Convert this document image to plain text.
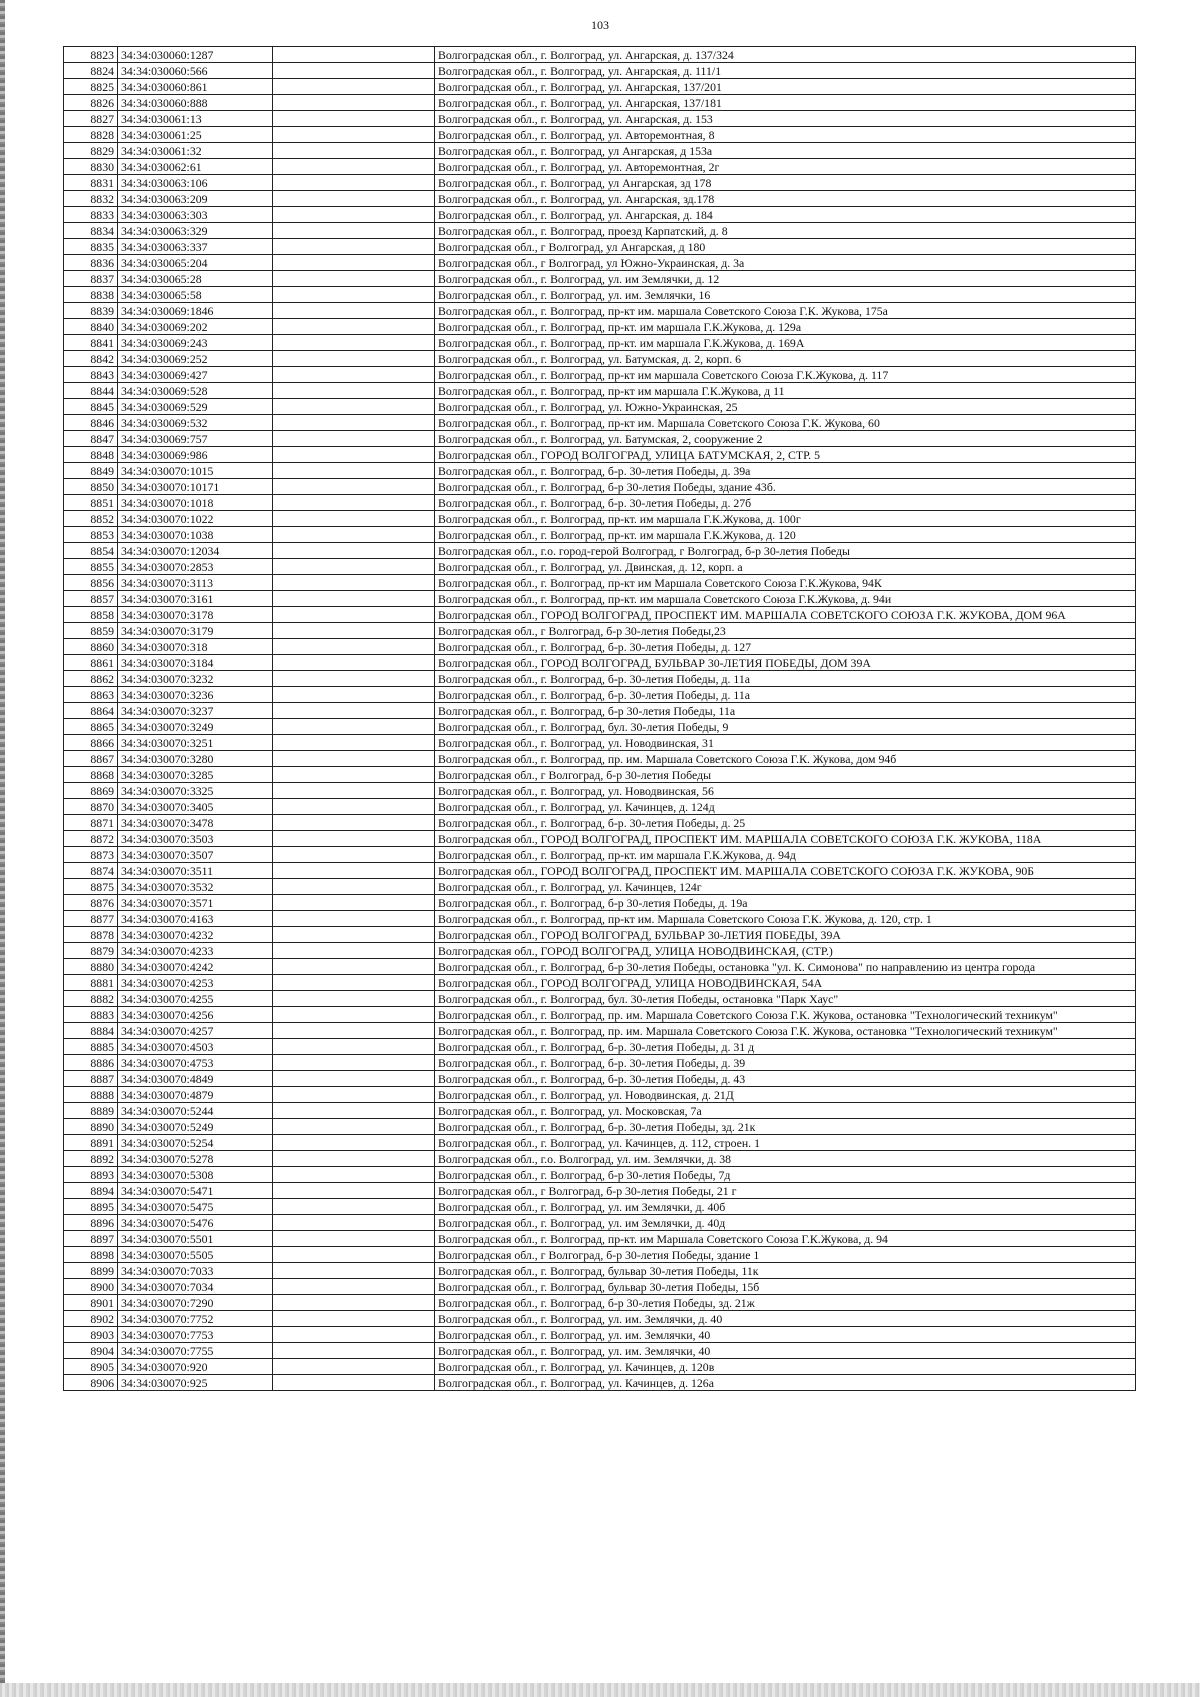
103
8823	34:34:030060:1287		Волгоградская обл., г. Волгоград, ул. Ангарская, д. 137/324
8824	34:34:030060:566		Волгоградская обл., г. Волгоград, ул. Ангарская, д. 111/1
8825	34:34:030060:861		Волгоградская обл., г. Волгоград, ул. Ангарская, 137/201
8826	34:34:030060:888		Волгоградская обл., г. Волгоград, ул. Ангарская, 137/181
8827	34:34:030061:13		Волгоградская обл., г. Волгоград, ул. Ангарская, д. 153
8828	34:34:030061:25		Волгоградская обл., г. Волгоград, ул. Авторемонтная, 8
8829	34:34:030061:32		Волгоградская обл., г. Волгоград, ул Ангарская, д 153а
8830	34:34:030062:61		Волгоградская обл., г. Волгоград, ул. Авторемонтная, 2г
8831	34:34:030063:106		Волгоградская обл., г. Волгоград, ул Ангарская, зд 178
8832	34:34:030063:209		Волгоградская обл., г. Волгоград, ул. Ангарская, зд.178
8833	34:34:030063:303		Волгоградская обл., г. Волгоград, ул. Ангарская, д. 184
8834	34:34:030063:329		Волгоградская обл., г. Волгоград, проезд Карпатский, д. 8
8835	34:34:030063:337		Волгоградская обл., г Волгоград, ул Ангарская, д 180
8836	34:34:030065:204		Волгоградская обл., г Волгоград, ул Южно-Украинская, д. 3а
8837	34:34:030065:28		Волгоградская обл., г. Волгоград, ул. им Землячки, д. 12
8838	34:34:030065:58		Волгоградская обл., г. Волгоград, ул. им. Землячки, 16
8839	34:34:030069:1846		Волгоградская обл., г. Волгоград, пр-кт им. маршала Советского Союза Г.К. Жукова, 175а
8840	34:34:030069:202		Волгоградская обл., г. Волгоград, пр-кт. им маршала Г.К.Жукова, д. 129а
8841	34:34:030069:243		Волгоградская обл., г. Волгоград, пр-кт. им маршала Г.К.Жукова, д. 169А
8842	34:34:030069:252		Волгоградская обл., г. Волгоград, ул. Батумская, д. 2, корп. 6
8843	34:34:030069:427		Волгоградская обл., г. Волгоград, пр-кт им маршала Советского Союза Г.К.Жукова, д. 117
8844	34:34:030069:528		Волгоградская обл., г. Волгоград, пр-кт им маршала Г.К.Жукова, д 11
8845	34:34:030069:529		Волгоградская обл., г. Волгоград, ул. Южно-Украинская, 25
8846	34:34:030069:532		Волгоградская обл., г. Волгоград, пр-кт им. Маршала Советского Союза Г.К. Жукова, 60
8847	34:34:030069:757		Волгоградская обл., г. Волгоград, ул. Батумская, 2, сооружение 2
8848	34:34:030069:986		Волгоградская обл., ГОРОД ВОЛГОГРАД, УЛИЦА БАТУМСКАЯ, 2, СТР. 5
8849	34:34:030070:1015		Волгоградская обл., г. Волгоград, б-р. 30-летия Победы, д. 39а
8850	34:34:030070:10171		Волгоградская обл., г. Волгоград, б-р 30-летия Победы, здание 43б.
8851	34:34:030070:1018		Волгоградская обл., г. Волгоград, б-р. 30-летия Победы, д. 27б
8852	34:34:030070:1022		Волгоградская обл., г. Волгоград, пр-кт. им маршала Г.К.Жукова, д. 100г
8853	34:34:030070:1038		Волгоградская обл., г. Волгоград, пр-кт. им маршала Г.К.Жукова, д. 120
8854	34:34:030070:12034		Волгоградская обл., г.о. город-герой Волгоград, г Волгоград, б-р 30-летия Победы
8855	34:34:030070:2853		Волгоградская обл., г. Волгоград, ул. Двинская, д. 12, корп. а
8856	34:34:030070:3113		Волгоградская обл., г. Волгоград, пр-кт им Маршала Советского Союза Г.К.Жукова, 94К
8857	34:34:030070:3161		Волгоградская обл., г. Волгоград, пр-кт. им маршала Советского Союза Г.К.Жукова, д. 94и
8858	34:34:030070:3178		Волгоградская обл., ГОРОД ВОЛГОГРАД, ПРОСПЕКТ ИМ. МАРШАЛА СОВЕТСКОГО СОЮЗА Г.К. ЖУКОВА, ДОМ 96А
8859	34:34:030070:3179		Волгоградская обл., г Волгоград, б-р 30-летия Победы,23
8860	34:34:030070:318		Волгоградская обл., г. Волгоград, б-р. 30-летия Победы, д. 127
8861	34:34:030070:3184		Волгоградская обл., ГОРОД ВОЛГОГРАД, БУЛЬВАР 30-ЛЕТИЯ ПОБЕДЫ, ДОМ 39А
8862	34:34:030070:3232		Волгоградская обл., г. Волгоград, б-р. 30-летия Победы, д. 11а
8863	34:34:030070:3236		Волгоградская обл., г. Волгоград, б-р. 30-летия Победы, д. 11а
8864	34:34:030070:3237		Волгоградская обл., г. Волгоград, б-р 30-летия Победы, 11а
8865	34:34:030070:3249		Волгоградская обл., г. Волгоград, бул. 30-летия Победы, 9
8866	34:34:030070:3251		Волгоградская обл., г. Волгоград, ул. Новодвинская, 31
8867	34:34:030070:3280		Волгоградская обл., г. Волгоград, пр. им. Маршала Советского Союза Г.К. Жукова, дом 94б
8868	34:34:030070:3285		Волгоградская обл., г Волгоград, б-р 30-летия Победы
8869	34:34:030070:3325		Волгоградская обл., г. Волгоград, ул. Новодвинская, 56
8870	34:34:030070:3405		Волгоградская обл., г. Волгоград, ул. Качинцев, д. 124д
8871	34:34:030070:3478		Волгоградская обл., г. Волгоград, б-р. 30-летия Победы, д. 25
8872	34:34:030070:3503		Волгоградская обл., ГОРОД ВОЛГОГРАД, ПРОСПЕКТ ИМ. МАРШАЛА СОВЕТСКОГО СОЮЗА Г.К. ЖУКОВА, 118А
8873	34:34:030070:3507		Волгоградская обл., г. Волгоград, пр-кт. им маршала Г.К.Жукова, д. 94д
8874	34:34:030070:3511		Волгоградская обл., ГОРОД ВОЛГОГРАД, ПРОСПЕКТ ИМ. МАРШАЛА СОВЕТСКОГО СОЮЗА Г.К. ЖУКОВА, 90Б
8875	34:34:030070:3532		Волгоградская обл., г. Волгоград, ул. Качинцев, 124г
8876	34:34:030070:3571		Волгоградская обл., г. Волгоград, б-р 30-летия Победы, д. 19а
8877	34:34:030070:4163		Волгоградская обл., г. Волгоград, пр-кт им. Маршала Советского Союза Г.К. Жукова, д. 120, стр. 1
8878	34:34:030070:4232		Волгоградская обл., ГОРОД ВОЛГОГРАД, БУЛЬВАР 30-ЛЕТИЯ ПОБЕДЫ, 39А
8879	34:34:030070:4233		Волгоградская обл., ГОРОД ВОЛГОГРАД, УЛИЦА НОВОДВИНСКАЯ, (СТР.)
8880	34:34:030070:4242		Волгоградская обл., г. Волгоград, б-р 30-летия Победы, остановка "ул. К. Симонова" по направлению из центра города
8881	34:34:030070:4253		Волгоградская обл., ГОРОД ВОЛГОГРАД, УЛИЦА НОВОДВИНСКАЯ, 54А
8882	34:34:030070:4255		Волгоградская обл., г. Волгоград, бул. 30-летия Победы, остановка "Парк Хаус"
8883	34:34:030070:4256		Волгоградская обл., г. Волгоград, пр. им. Маршала Советского Союза Г.К. Жукова, остановка "Технологический техникум"
8884	34:34:030070:4257		Волгоградская обл., г. Волгоград, пр. им. Маршала Советского Союза Г.К. Жукова, остановка "Технологический техникум"
8885	34:34:030070:4503		Волгоградская обл., г. Волгоград, б-р. 30-летия Победы, д. 31 д
8886	34:34:030070:4753		Волгоградская обл., г. Волгоград, б-р. 30-летия Победы, д. 39
8887	34:34:030070:4849		Волгоградская обл., г. Волгоград, б-р. 30-летия Победы, д. 43
8888	34:34:030070:4879		Волгоградская обл., г. Волгоград, ул. Новодвинская, д. 21Д
8889	34:34:030070:5244		Волгоградская обл., г. Волгоград, ул. Московская, 7а
8890	34:34:030070:5249		Волгоградская обл., г. Волгоград, б-р. 30-летия Победы, зд. 21к
8891	34:34:030070:5254		Волгоградская обл., г. Волгоград, ул. Качинцев, д. 112, строен. 1
8892	34:34:030070:5278		Волгоградская обл., г.о. Волгоград, ул. им. Землячки, д. 38
8893	34:34:030070:5308		Волгоградская обл., г. Волгоград, б-р 30-летия Победы, 7д
8894	34:34:030070:5471		Волгоградская обл., г Волгоград, б-р 30-летия Победы, 21 г
8895	34:34:030070:5475		Волгоградская обл., г. Волгоград, ул. им Землячки, д. 40б
8896	34:34:030070:5476		Волгоградская обл., г. Волгоград, ул. им Землячки, д. 40д
8897	34:34:030070:5501		Волгоградская обл., г. Волгоград, пр-кт. им Маршала Советского Союза Г.К.Жукова, д. 94
8898	34:34:030070:5505		Волгоградская обл., г Волгоград, б-р 30-летия Победы, здание 1
8899	34:34:030070:7033		Волгоградская обл., г. Волгоград, бульвар 30-летия Победы, 11к
8900	34:34:030070:7034		Волгоградская обл., г. Волгоград, бульвар 30-летия Победы, 15б
8901	34:34:030070:7290		Волгоградская обл., г. Волгоград, б-р 30-летия Победы, зд. 21ж
8902	34:34:030070:7752		Волгоградская обл., г. Волгоград, ул. им. Землячки, д. 40
8903	34:34:030070:7753		Волгоградская обл., г. Волгоград, ул. им. Землячки, 40
8904	34:34:030070:7755		Волгоградская обл., г. Волгоград, ул. им. Землячки, 40
8905	34:34:030070:920		Волгоградская обл., г. Волгоград, ул. Качинцев, д. 120в
8906	34:34:030070:925		Волгоградская обл., г. Волгоград, ул. Качинцев, д. 126а
